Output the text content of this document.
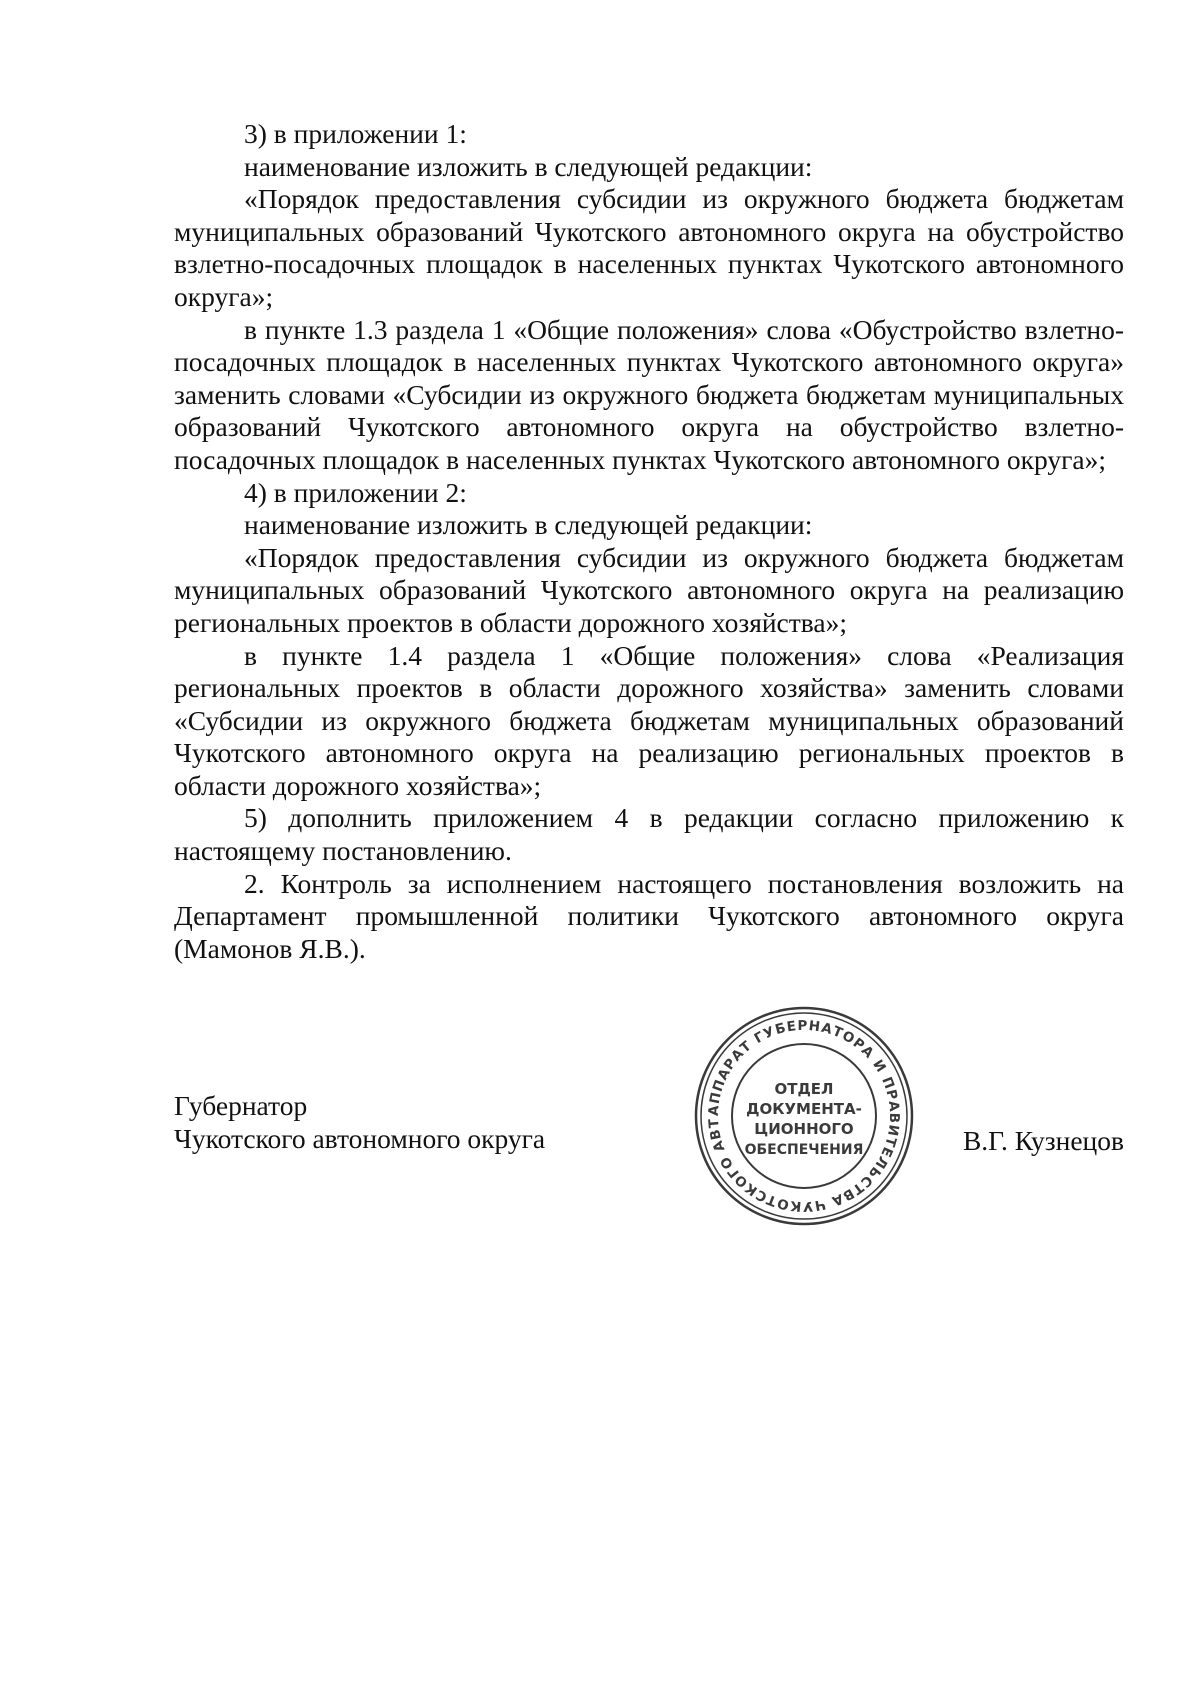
3) в приложении 1:

наименование изложить в следующей редакции:

«Порядок предоставления субсидии из окружного бюджета бюджетам муниципальных образований Чукотского автономного округа на обустройство взлетно-посадочных площадок в населенных пунктах Чукотского автономного округа»;

в пункте 1.3 раздела 1 «Общие положения» слова «Обустройство взлетно-посадочных площадок в населенных пунктах Чукотского автономного округа» заменить словами «Субсидии из окружного бюджета бюджетам муниципальных образований Чукотского автономного округа на обустройство взлетно-посадочных площадок в населенных пунктах Чукотского автономного округа»;

4) в приложении 2:

наименование изложить в следующей редакции:

«Порядок предоставления субсидии из окружного бюджета бюджетам муниципальных образований Чукотского автономного округа на реализацию региональных проектов в области дорожного хозяйства»;

в пункте 1.4 раздела 1 «Общие положения» слова «Реализация региональных проектов в области дорожного хозяйства» заменить словами «Субсидии из окружного бюджета бюджетам муниципальных образований Чукотского автономного округа на реализацию региональных проектов в области дорожного хозяйства»;

5) дополнить приложением 4 в редакции согласно приложению к настоящему постановлению.

2. Контроль за исполнением настоящего постановления возложить на Департамент промышленной политики Чукотского автономного округа (Мамонов Я.В.).

Губернатор
Чукотского автономного округа	В.Г. Кузнецов
АППАРАТ ГУБЕРНАТОРА И ПРАВИТЕЛЬСТВА ЧУКОТСКОГО АВТ
ОТДЕЛ
ДОКУМЕНТА-
ЦИОННОГО
ОБЕСПЕЧЕНИЯ
